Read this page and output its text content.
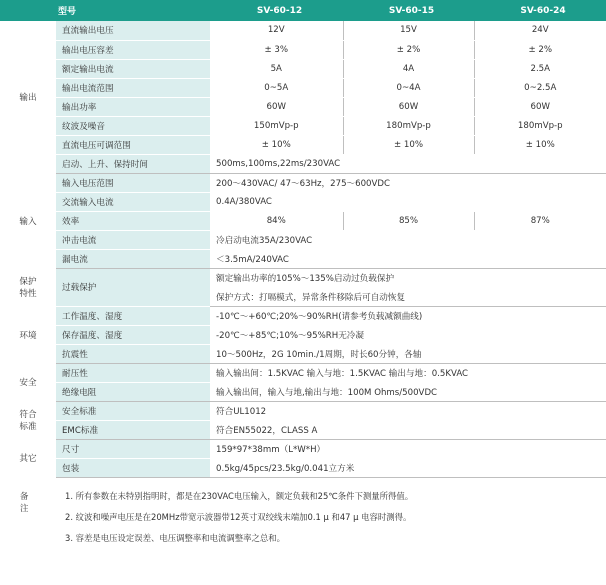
型号		SV-60-12	SV-60-15	SV-60-24
输出	直流输出电压	12V	15V	24V
	输出电压容差	± 3%	± 2%	± 2%
	额定输出电流	5A	4A	2.5A
	输出电流范围	0~5A	0~4A	0~2.5A
	输出功率	60W	60W	60W
	纹波及噪音	150mVp-p	180mVp-p	180mVp-p
	直流电压可调范围	± 10%	± 10%	± 10%
	启动、上升、保持时间	500ms,100ms,22ms/230VAC		
输入	输入电压范围	200～430VAC/ 47～63Hz，275～600VDC		
	交流输入电流	0.4A/380VAC		
	效率	84%	85%	87%
	冲击电流	冷启动电流35A/230VAC		
	漏电流	＜3.5mA/240VAC		
保护
特性	过载保护	额定输出功率的105%～135%启动过负载保护		
		保护方式：打嗝模式，异常条件移除后可自动恢复		
环境	工作温度、湿度	-10℃～+60℃;20%～90%RH(请参考负载减额曲线)		
	保存温度、湿度	-20℃～+85℃;10%～95%RH无冷凝		
	抗震性	10～500Hz，2G 10min./1周期，时长60分钟，各轴		
安全	耐压性	输入输出间：1.5KVAC 输入与地：1.5KVAC 输出与地：0.5KVAC		
	绝缘电阻	输入输出间，输入与地,输出与地：100M Ohms/500VDC		
符合
标准	安全标准	符合UL1012		
	EMC标准	符合EN55022，CLASS A		
其它	尺寸	159*97*38mm（L*W*H）		
	包装	0.5kg/45pcs/23.5kg/0.041立方米		
备注
1. 所有参数在未特别指明时，都是在230VAC电压输入，额定负载和25℃条件下测量所得值。
2. 纹波和噪声电压是在20MHz带宽示波器带12英寸双绞线末端加0.1 μ 和47 μ 电容时测得。
3. 容差是电压设定误差、电压调整率和电流调整率之总和。
